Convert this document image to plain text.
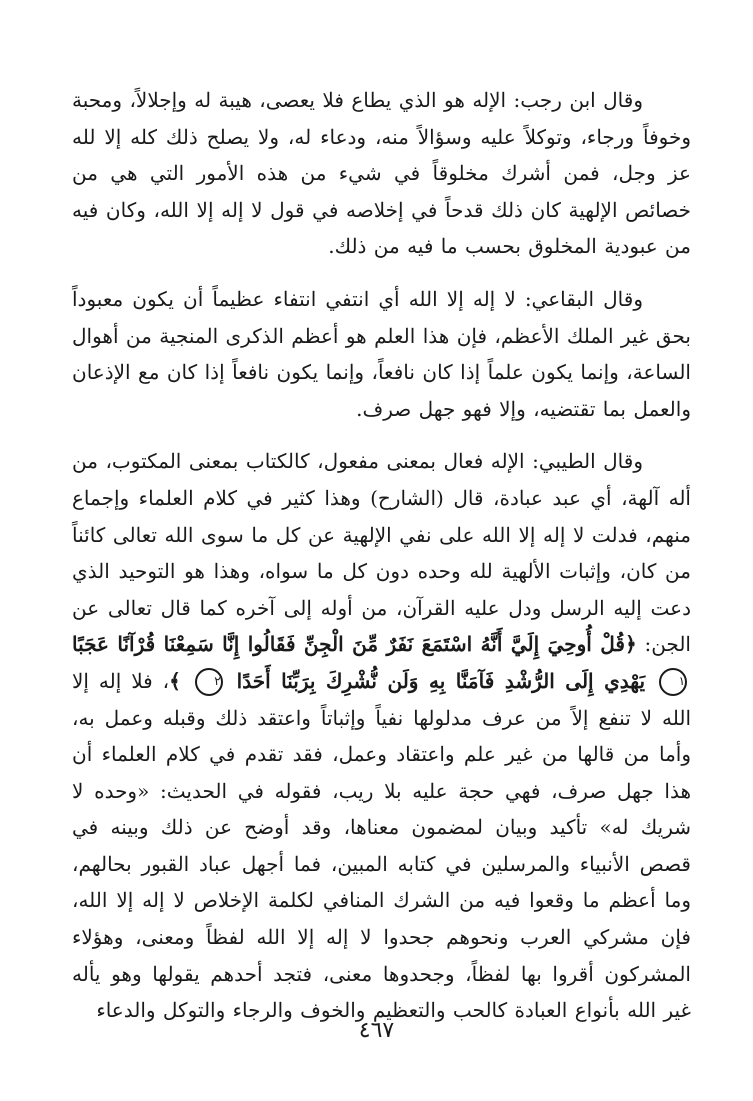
وقال ابن رجب: الإله هو الذي يطاع فلا يعصى، هيبة له وإجلالاً، ومحبة وخوفاً ورجاء، وتوكلاً عليه وسؤالاً منه، ودعاء له، ولا يصلح ذلك كله إلا لله عز وجل، فمن أشرك مخلوقاً في شيء من هذه الأمور التي هي من خصائص الإلهية كان ذلك قدحاً في إخلاصه في قول لا إله إلا الله، وكان فيه من عبودية المخلوق بحسب ما فيه من ذلك.

وقال البقاعي: لا إله إلا الله أي انتفي انتفاء عظيماً أن يكون معبوداً بحق غير الملك الأعظم، فإن هذا العلم هو أعظم الذكرى المنجية من أهوال الساعة، وإنما يكون علماً إذا كان نافعاً، وإنما يكون نافعاً إذا كان مع الإذعان والعمل بما تقتضيه، وإلا فهو جهل صرف.

وقال الطيبي: الإله فعال بمعنى مفعول، كالكتاب بمعنى المكتوب، من أله آلهة، أي عبد عبادة، قال (الشارح) وهذا كثير في كلام العلماء وإجماع منهم، فدلت لا إله إلا الله على نفي الإلهية عن كل ما سوى الله تعالى كائناً من كان، وإثبات الألهية لله وحده دون كل ما سواه، وهذا هو التوحيد الذي دعت إليه الرسل ودل عليه القرآن، من أوله إلى آخره كما قال تعالى عن الجن: ﴿قُلْ أُوحِيَ إِلَيَّ أَنَّهُ اسْتَمَعَ نَفَرٌ مِّنَ الْجِنِّ فَقَالُوا إِنَّا سَمِعْنَا قُرْآنًا عَجَبًا ١ يَهْدِي إِلَى الرُّشْدِ فَآمَنَّا بِهِ وَلَن نُّشْرِكَ بِرَبِّنَا أَحَدًا ٢ ﴾، فلا إله إلا الله لا تنفع إلاً من عرف مدلولها نفياً وإثباتاً واعتقد ذلك وقبله وعمل به، وأما من قالها من غير علم واعتقاد وعمل، فقد تقدم في كلام العلماء أن هذا جهل صرف، فهي حجة عليه بلا ريب، فقوله في الحديث: «وحده لا شريك له» تأكيد وبيان لمضمون معناها، وقد أوضح عن ذلك وبينه في قصص الأنبياء والمرسلين في كتابه المبين، فما أجهل عباد القبور بحالهم، وما أعظم ما وقعوا فيه من الشرك المنافي لكلمة الإخلاص لا إله إلا الله، فإن مشركي العرب ونحوهم جحدوا لا إله إلا الله لفظاً ومعنى، وهؤلاء المشركون أقروا بها لفظاً، وجحدوها معنى، فتجد أحدهم يقولها وهو يأله غير الله بأنواع العبادة كالحب والتعظيم والخوف والرجاء والتوكل والدعاء

٤٦٧
